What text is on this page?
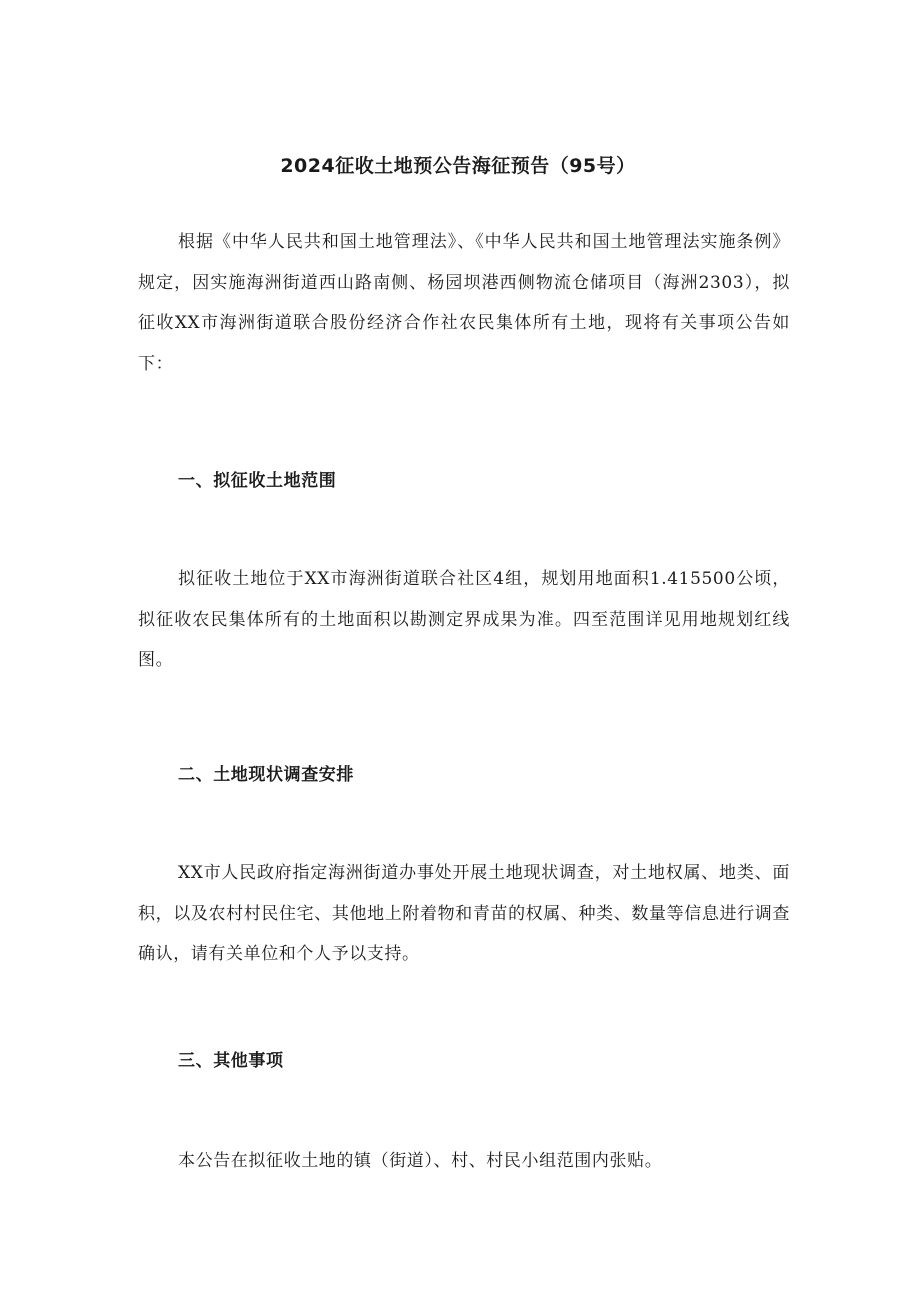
2024征收土地预公告海征预告（95号）

根据《中华人民共和国土地管理法》、《中华人民共和国土地管理法实施条例》规定，因实施海洲街道西山路南侧、杨园坝港西侧物流仓储项目（海洲2303），拟征收XX市海洲街道联合股份经济合作社农民集体所有土地，现将有关事项公告如下：

一、拟征收土地范围

拟征收土地位于XX市海洲街道联合社区4组，规划用地面积1.415500公顷，拟征收农民集体所有的土地面积以勘测定界成果为准。四至范围详见用地规划红线图。

二、土地现状调查安排

XX市人民政府指定海洲街道办事处开展土地现状调查，对土地权属、地类、面积，以及农村村民住宅、其他地上附着物和青苗的权属、种类、数量等信息进行调查确认，请有关单位和个人予以支持。

三、其他事项

本公告在拟征收土地的镇（街道）、村、村民小组范围内张贴。
